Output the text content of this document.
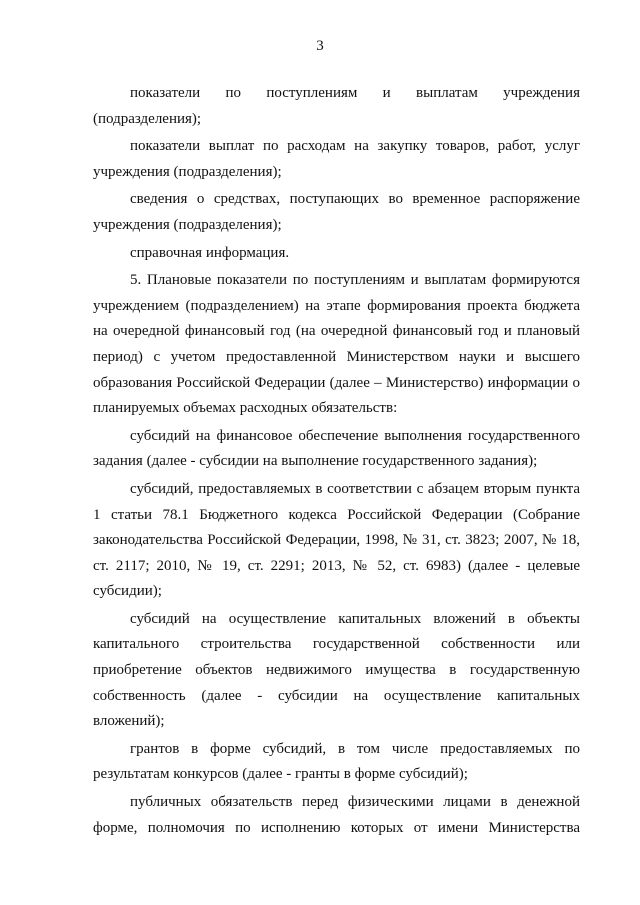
3

показатели по поступлениям и выплатам учреждения (подразделения);

показатели выплат по расходам на закупку товаров, работ, услуг учреждения (подразделения);

сведения о средствах, поступающих во временное распоряжение учреждения (подразделения);

справочная информация.

5. Плановые показатели по поступлениям и выплатам формируются учреждением (подразделением) на этапе формирования проекта бюджета на очередной финансовый год (на очередной финансовый год и плановый период) с учетом предоставленной Министерством науки и высшего образования Российской Федерации (далее – Министерство) информации о планируемых объемах расходных обязательств:

субсидий на финансовое обеспечение выполнения государственного задания (далее - субсидии на выполнение государственного задания);

субсидий, предоставляемых в соответствии с абзацем вторым пункта 1 статьи 78.1 Бюджетного кодекса Российской Федерации (Собрание законодательства Российской Федерации, 1998, № 31, ст. 3823; 2007, № 18, ст. 2117; 2010, № 19, ст. 2291; 2013, № 52, ст. 6983) (далее - целевые субсидии);

субсидий на осуществление капитальных вложений в объекты капитального строительства государственной собственности или приобретение объектов недвижимого имущества в государственную собственность (далее - субсидии на осуществление капитальных вложений);

грантов в форме субсидий, в том числе предоставляемых по результатам конкурсов (далее - гранты в форме субсидий);

публичных обязательств перед физическими лицами в денежной форме, полномочия по исполнению которых от имени Министерства
